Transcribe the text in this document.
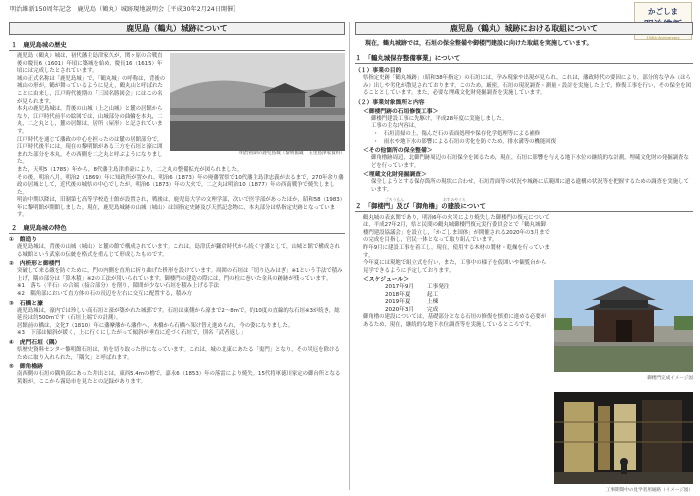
明治維新150周年記念　鹿児島（鶴丸）城跡現地説明会［平成30年2月24日開催］	かごしま
150th Anniversary
鹿児島（鶴丸）城跡について
１　鹿児島城の歴史
明治初期の鹿児島城（黎明館蔵　玉里島津家資料）
鹿児島（鶴丸）城は，初代藩主島津家久が，関ヶ原の合戦直後の慶長6（1601）年頃に築城を始め，慶長16（1615）年頃には完成したとされています。
城の正式名称は「鹿児島城」で，「鶴丸城」の呼称は，背後の城山の形が，鶴が舞っているように見え，鶴丸山と呼ばれたことに由来し，江戸時代後期の「三国名勝図会」にはこの名が見られます。
本丸の鹿児島城は，背後の山城（上之山城）と麓の居館からなり，江戸時代前半の絵図では，山城部分の曲輪を本丸，二丸，二之丸とし，麓の居館は，居所（屋形）と記されています。
江戸時代を通じて藩政の中心を担ったのは麓の居館部分で，江戸時代後半には，現在の黎明館がある三方を石垣と濠に囲まれた部分を本丸，その西側を二之丸と呼ぶようになりました。
また，天明5（1785）年から，8代藩主島津重豪により，二之丸の整備拡充が図られました。
その後，明治八月，明治2（1869）年に知政所が置かれ，明治6（1873）年の廃藩置県で10代藩主島津忠義が去るまで，270年余り藩政の居城として，近代後の城県の中心でしたが，明治6（1873）年の大火で，二之丸は明治10（1877）年の西南戦争で焼失しました。
明治中期以降は，旧制第七高等学校造士館が設置され，戦後は，鹿児島大学の文理学部，次いで医学部があったほか，昭和58（1983）年に黎明館が開館しました。現在，鹿児島城跡の山城（城山）は国指定史跡及び天然記念物に，本丸部分は県指定史跡となっています。
２　鹿児島城の特色
①　館造り
鹿児島城は，背後の山城（城山）と麓の館で構成されています。これは，島津氏が鎌倉時代から続く守護として，山城と館で構成される城館という武家の伝統を格式を重んじて形成したものです。
②　内枡形と御楼門
突破して来る敵を防ぐために，門の内側を直角に折り曲げた枡形を設けています。周囲の石垣は「切り込みはぎ」※1という手法で積み上げ，隅の部分は「算木積」※2の工法が用いられています。御楼門の建造の際には，門の柱に巻いた金具の跡跡が残っています。
※1　落ち（平石）の合端（接合部分）を削り，隙間が少ない石垣を積み上げる手法
※2　隅角部において直方体の石の長辺を左右に交互に配置する，積み方
③　石橋と濠
鹿児島城は，濠内では珍しい高石垣と濠が築かれた城郭です。石垣は東側から濠まで2〜8mで，約10度の直線的な石垣※3が続き，総延長は約500mです（石垣上端での計測）。
居館前の橋は，文化7（1810）年に藩摩藩から藩作へ，木橋から石橋へ架け替え進められ，今の姿になりました。
※3　下部は傾斜が緩く，上に行くにしたがって傾斜が垂直に近づく石垣で，別名「武者返し」
④　虎門石垣（隅）
県歴史資料センター黎明館石垣は，角を切り取った形になっています。これは，城の北東にあたる「鬼門」となり，その災厄を除けるために取り入れられた，「隅欠」と呼ばれます。
⑤　御角櫓跡
南西側の石垣の隅角部にあった井出とは，東西5.4mの櫓で，嘉永6（1853）年の落雷により焼失。15代将軍徳川家定の御台所となる篤姫が，ここから霧島市を見たとの記録があります。
鹿児島（鶴丸）城跡における取組について
現在，鶴丸城跡では，石垣の保全整備や御楼門建設に向けた取組を実施しています。
１　「鶴丸城保存整備事業」について
（１）事業の目的
県指定史跡「鶴丸城跡」（昭和38年指定）の石垣には，孕み現象や出現が見られ，これは，藩政時代の要因により，部分的な孕み（はらみ）出しや劣化が散見されております。このため，厳密，石垣の現況調査・測量・設計を実施した上で，修復工事を行い，その保全を図ることとしています。また，必要な埋蔵文化財発掘調査を実施しています。
（２）事業対象箇所と内容
＜御楼門跡の石垣修復工事＞
御楼門建設工事に先駆け，平成28年度に実施しました。
工事の主な内容は，
・　石垣清掃の上，傷んだ石の表面処理や保存化学処理等による補修
・　雨水や地下水の影響による石垣の劣化を防ぐため，排水溝等の機能回復
＜その他箇所の保全整備＞
御角櫓跡周辺，北御門跡周辺の石垣保全を図るため，現在，石垣に影響を与える地下水位の継続的な計測，埋蔵文化財の発掘調査などを行っています。
＜埋蔵文化財発掘調査＞
保全しようとする保存箇所の現状に合わせ，石垣背面等の状況や城跡に広範囲に遺る遺構の状況等を把握するための調査を実施しています。
ごろうもん	おすみやぐら
２　「御楼門」及び「御角櫓」の建設について
鶴丸城の表玄関であり，明治6年の火災により焼失した御楼門の復元については，平成27年2月，県と民間の鶴丸城御楼門復元実行委員会とで「鶴丸城御楼門建設協議会」を設立し，「かごしま国体」が開催される2020年の3月までの完成を目指し，官民一体となって取り組んでいます。
昨年9月に建設工事を着工し，現在，使用する木材の製材・乾燥を行っています。
今年夏には現地で組立式を行い，また，工事中の様子を仮囲いや観覧台から見学できるように予定しております。
＜スケジュール＞
2017年9月 工事発注
2018年夏	起工
2019年夏	上棟
2020年3月 完成
御角櫓の建設については，基礎部分となる石垣の修復を慎重に進める必要があるため，現在，継続的な地下水位調査等を実施しているところです。
御楼門完成イメージ図
工事期間中の見学者用通路（イメージ図）
